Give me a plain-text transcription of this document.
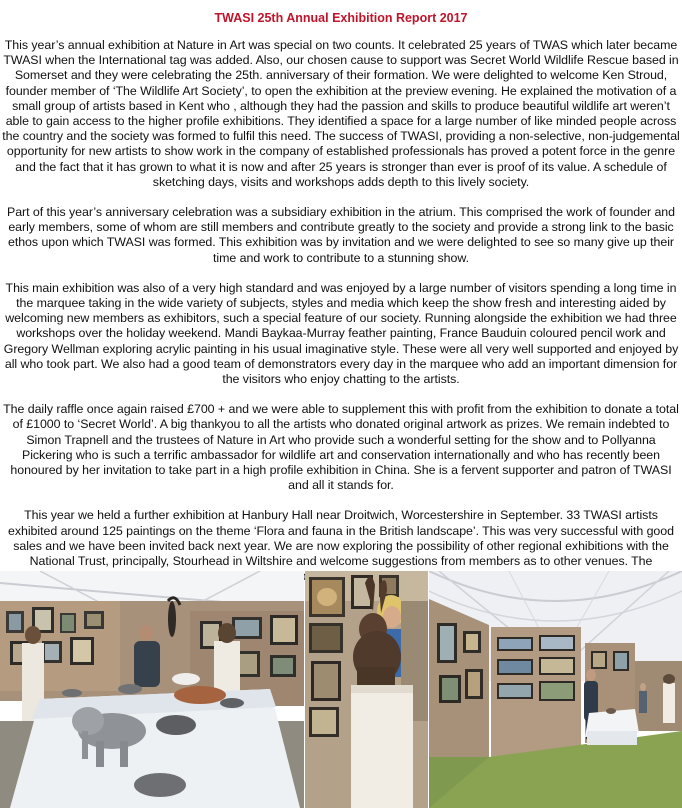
TWASI 25th Annual Exhibition Report 2017

This year’s annual exhibition at Nature in Art was special on two counts. It celebrated 25 years of TWAS which later became TWASI when the International tag was added. Also, our chosen cause to support was Secret World Wildlife Rescue based in Somerset and they were celebrating the 25th. anniversary of their formation. We were delighted to welcome Ken Stroud, founder member of ‘The Wildlife Art Society’, to open the exhibition at the preview evening. He explained the motivation of a small group of artists based in Kent who , although they had the passion and skills to produce beautiful wildlife art weren’t able to gain access to the higher profile exhibitions. They identified a space for a large number of like minded people across the country and the society was formed to fulfil this need. The success of TWASI, providing a non-selective, non-judgemental opportunity for new artists to show work in the company of established professionals has proved a potent force in the genre and the fact that it has grown to what it is now and after 25 years is stronger than ever is proof of its value. A schedule of sketching days, visits and workshops adds depth to this lively society.

Part of this year’s anniversary celebration was a subsidiary exhibition in the atrium. This comprised the work of founder and early members, some of whom are still members and contribute greatly to the society and provide a strong link to the basic ethos upon which TWASI was formed. This exhibition was by invitation and we were delighted to see so many give up their time and work to contribute to a stunning show.

This main exhibition was also of a very high standard and was enjoyed by a large number of visitors spending a long time in the marquee taking in the wide variety of subjects, styles and media which keep the show fresh and interesting aided by welcoming new members as exhibitors, such a special feature of our society. Running alongside the exhibition we had three workshops over the holiday weekend. Mandi Baykaa-Murray feather painting, France Bauduin coloured pencil work and Gregory Wellman exploring acrylic painting in his usual imaginative style. These were all very well supported and enjoyed by all who took part. We also had a good team of demonstrators every day in the marquee who add an important dimension for the visitors who enjoy chatting to the artists.

The daily raffle once again raised £700 + and we were able to supplement this with profit from the exhibition to donate a total of £1000 to ‘Secret World’. A big thankyou to all the artists who donated original artwork as prizes. We remain indebted to Simon Trapnell and the trustees of Nature in Art who provide such a wonderful setting for the show and to Pollyanna Pickering who is such a terrific ambassador for wildlife art and conservation internationally and who has recently been honoured by her invitation to take part in a high profile exhibition in China. She is a fervent supporter and patron of TWASI and all it stands for.

This year we held a further exhibition at Hanbury Hall near Droitwich, Worcestershire in September. 33 TWASI artists exhibited around 125 paintings on the theme ‘Flora and fauna in the British landscape’. This was very successful with good sales and we have been invited back next year. We are now exploring the possibility of other regional exhibitions with the National Trust, principally, Stourhead in Wiltshire and welcome suggestions from members as to other venues. The
